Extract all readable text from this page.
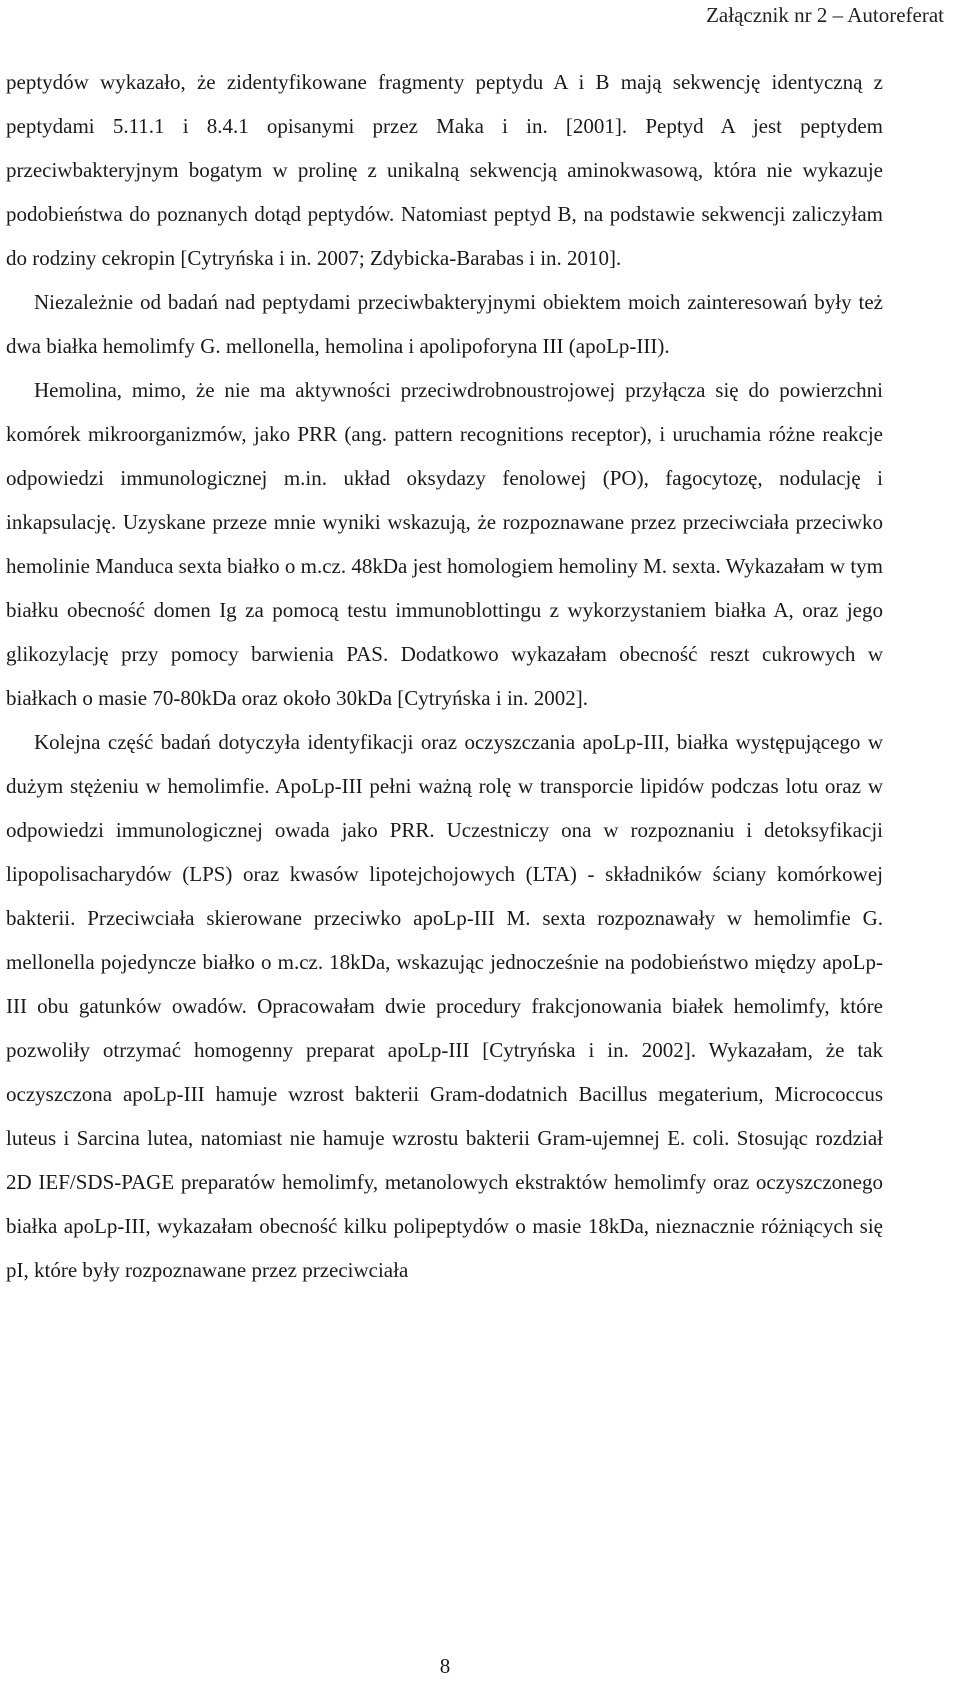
Załącznik nr 2 – Autoreferat

peptydów wykazało, że zidentyfikowane fragmenty peptydu A i B mają sekwencję identyczną z peptydami 5.11.1 i 8.4.1 opisanymi przez Maka i in. [2001]. Peptyd A jest peptydem przeciwbakteryjnym bogatym w prolinę z unikalną sekwencją aminokwasową, która nie wykazuje podobieństwa do poznanych dotąd peptydów. Natomiast peptyd B, na podstawie sekwencji zaliczyłam do rodziny cekropin [Cytryńska i in. 2007; Zdybicka-Barabas i in. 2010].

Niezależnie od badań nad peptydami przeciwbakteryjnymi obiektem moich zainteresowań były też dwa białka hemolimfy G. mellonella, hemolina i apolipoforyna III (apoLp-III).

Hemolina, mimo, że nie ma aktywności przeciwdrobnoustrojowej przyłącza się do powierzchni komórek mikroorganizmów, jako PRR (ang. pattern recognitions receptor), i uruchamia różne reakcje odpowiedzi immunologicznej m.in. układ oksydazy fenolowej (PO), fagocytozę, nodulację i inkapsulację. Uzyskane przeze mnie wyniki wskazują, że rozpoznawane przez przeciwciała przeciwko hemolinie Manduca sexta białko o m.cz. 48kDa jest homologiem hemoliny M. sexta. Wykazałam w tym białku obecność domen Ig za pomocą testu immunoblottingu z wykorzystaniem białka A, oraz jego glikozylację przy pomocy barwienia PAS. Dodatkowo wykazałam obecność reszt cukrowych w białkach o masie 70-80kDa oraz około 30kDa [Cytryńska i in. 2002].

Kolejna część badań dotyczyła identyfikacji oraz oczyszczania apoLp-III, białka występującego w dużym stężeniu w hemolimfie. ApoLp-III pełni ważną rolę w transporcie lipidów podczas lotu oraz w odpowiedzi immunologicznej owada jako PRR. Uczestniczy ona w rozpoznaniu i detoksyfikacji lipopolisacharydów (LPS) oraz kwasów lipotejchojowych (LTA) - składników ściany komórkowej bakterii. Przeciwciała skierowane przeciwko apoLp-III M. sexta rozpoznawały w hemolimfie G. mellonella pojedyncze białko o m.cz. 18kDa, wskazując jednocześnie na podobieństwo między apoLp-III obu gatunków owadów. Opracowałam dwie procedury frakcjonowania białek hemolimfy, które pozwoliły otrzymać homogenny preparat apoLp-III [Cytryńska i in. 2002]. Wykazałam, że tak oczyszczona apoLp-III hamuje wzrost bakterii Gram-dodatnich Bacillus megaterium, Micrococcus luteus i Sarcina lutea, natomiast nie hamuje wzrostu bakterii Gram-ujemnej E. coli. Stosując rozdział 2D IEF/SDS-PAGE preparatów hemolimfy, metanolowych ekstraktów hemolimfy oraz oczyszczonego białka apoLp-III, wykazałam obecność kilku polipeptydów o masie 18kDa, nieznacznie różniących się pI, które były rozpoznawane przez przeciwciała

8
